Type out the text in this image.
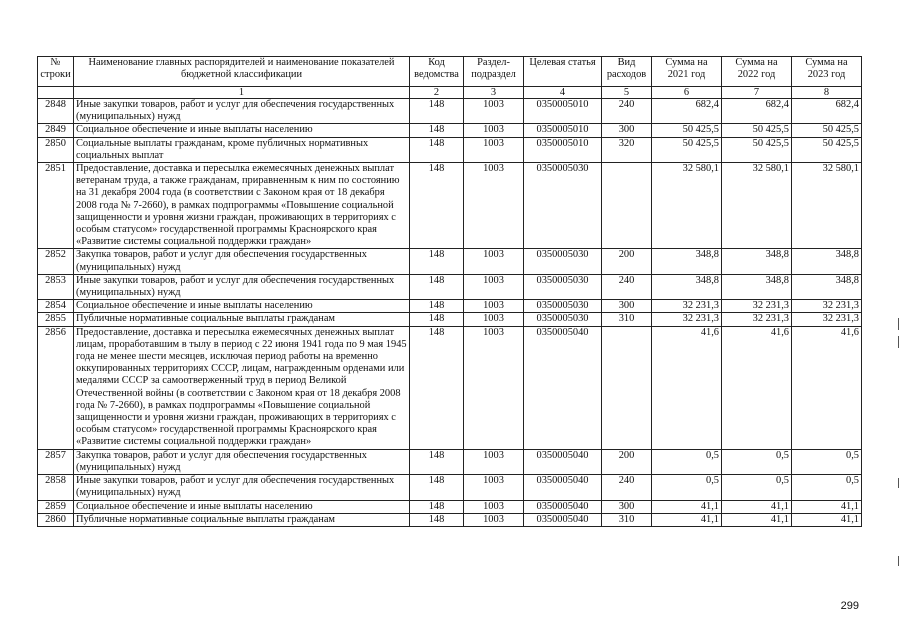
№ строки	Наименование главных распорядителей и наименование показателей бюджетной классификации	Код ведомства	Раздел- подраздел	Целевая статья	Вид расходов	Сумма на 2021 год	Сумма на 2022 год	Сумма на 2023 год
	1	2	3	4	5	6	7	8
2848	Иные закупки товаров, работ и услуг для обеспечения государственных (муниципальных) нужд	148	1003	0350005010	240	682,4	682,4	682,4
2849	Социальное обеспечение и иные выплаты населению	148	1003	0350005010	300	50 425,5	50 425,5	50 425,5
2850	Социальные выплаты гражданам, кроме публичных нормативных социальных выплат	148	1003	0350005010	320	50 425,5	50 425,5	50 425,5
2851	Предоставление, доставка и пересылка ежемесячных денежных выплат ветеранам труда, а также гражданам, приравненным к ним по состоянию на 31 декабря 2004 года (в соответствии с Законом края от 18 декабря 2008 года № 7-2660), в рамках подпрограммы «Повышение социальной защищенности и уровня жизни граждан, проживающих в территориях с особым статусом» государственной программы Красноярского края «Развитие системы социальной поддержки граждан»	148	1003	0350005030		32 580,1	32 580,1	32 580,1
2852	Закупка товаров, работ и услуг для обеспечения государственных (муниципальных) нужд	148	1003	0350005030	200	348,8	348,8	348,8
2853	Иные закупки товаров, работ и услуг для обеспечения государственных (муниципальных) нужд	148	1003	0350005030	240	348,8	348,8	348,8
2854	Социальное обеспечение и иные выплаты населению	148	1003	0350005030	300	32 231,3	32 231,3	32 231,3
2855	Публичные нормативные социальные выплаты гражданам	148	1003	0350005030	310	32 231,3	32 231,3	32 231,3
2856	Предоставление, доставка и пересылка ежемесячных денежных выплат лицам, проработавшим в тылу в период с 22 июня 1941 года по 9 мая 1945 года не менее шести месяцев, исключая период работы на временно оккупированных территориях СССР, лицам, награжденным орденами или медалями СССР за самоотверженный труд в период Великой Отечественной войны (в соответствии с Законом края от 18 декабря 2008 года № 7-2660), в рамках подпрограммы «Повышение социальной защищенности и уровня жизни граждан, проживающих в территориях с особым статусом» государственной программы Красноярского края «Развитие системы социальной поддержки граждан»	148	1003	0350005040		41,6	41,6	41,6
2857	Закупка товаров, работ и услуг для обеспечения государственных (муниципальных) нужд	148	1003	0350005040	200	0,5	0,5	0,5
2858	Иные закупки товаров, работ и услуг для обеспечения государственных (муниципальных) нужд	148	1003	0350005040	240	0,5	0,5	0,5
2859	Социальное обеспечение и иные выплаты населению	148	1003	0350005040	300	41,1	41,1	41,1
2860	Публичные нормативные социальные выплаты гражданам	148	1003	0350005040	310	41,1	41,1	41,1
299
